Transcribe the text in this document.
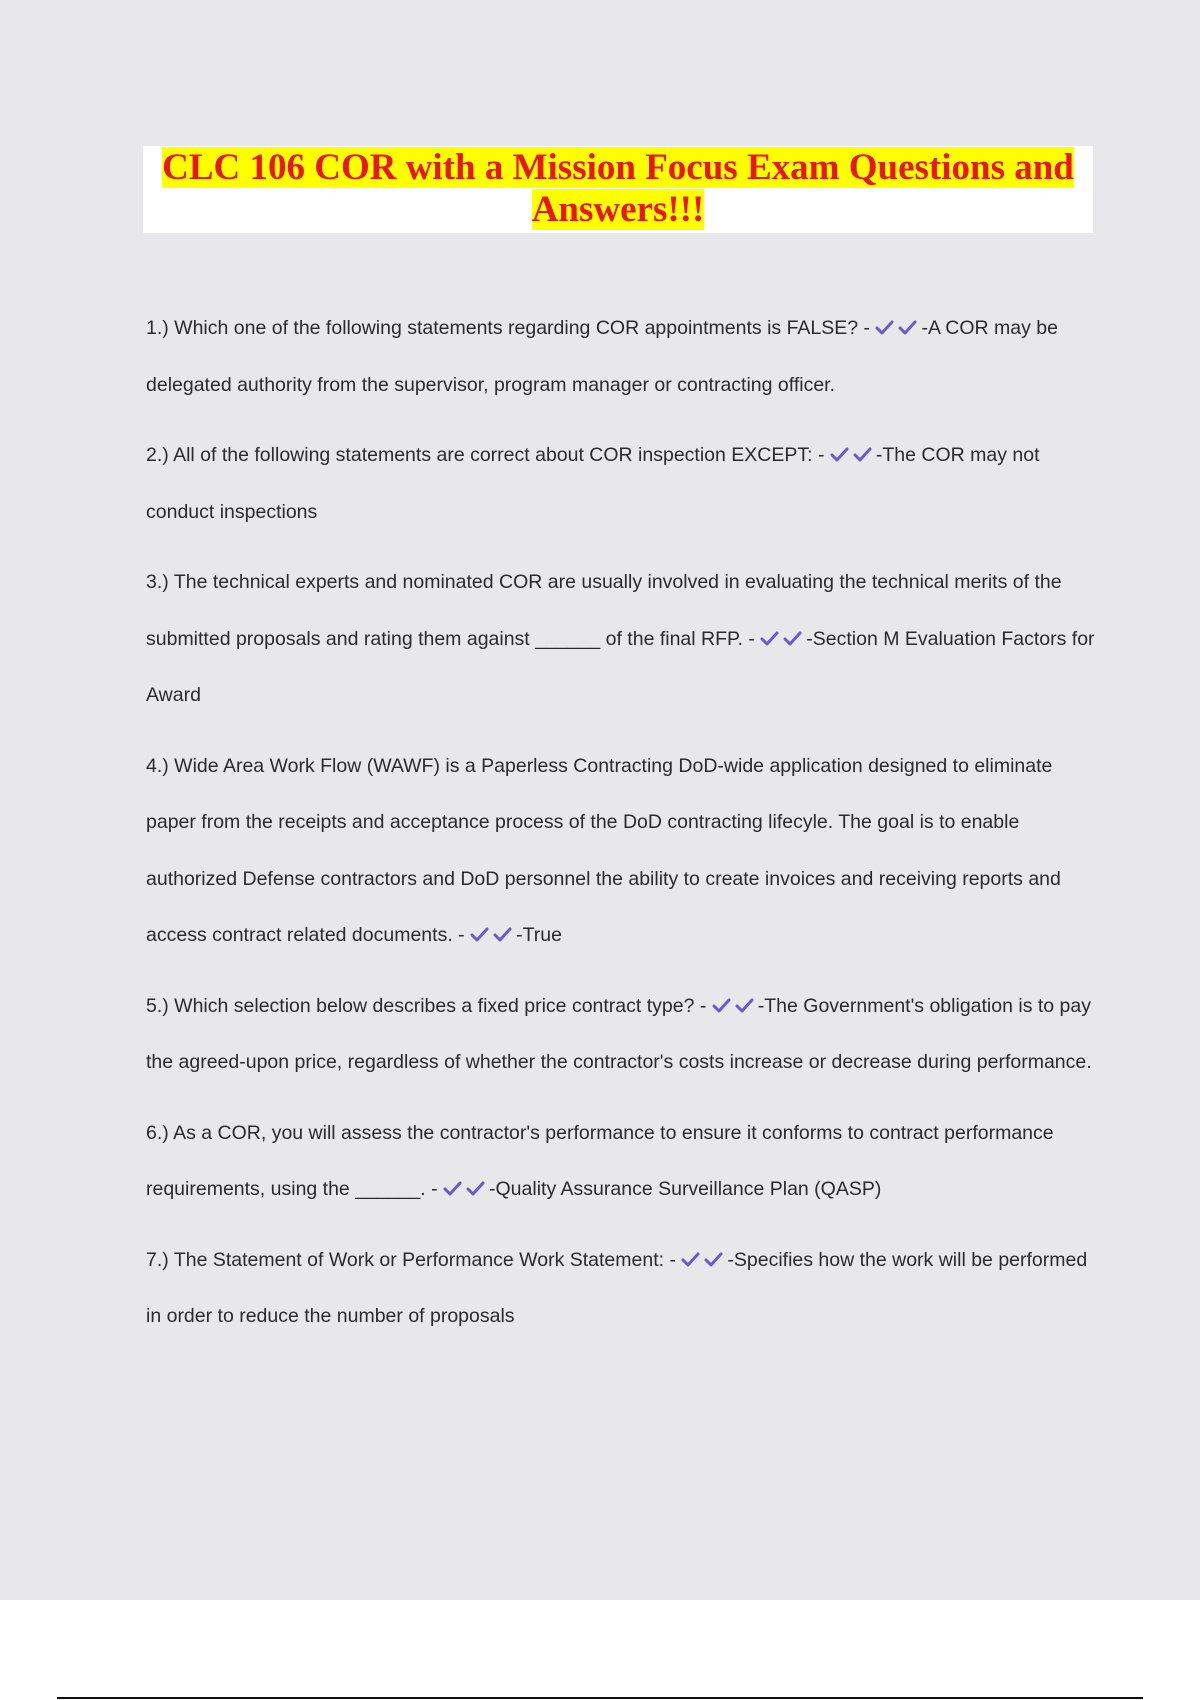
CLC 106 COR with a Mission Focus Exam Questions and Answers!!!

1.) Which one of the following statements regarding COR appointments is FALSE? -
-A COR may be delegated authority from the supervisor, program manager or contracting officer.

2.) All of the following statements are correct about COR inspection EXCEPT: -
-The COR may not conduct inspections

3.) The technical experts and nominated COR are usually involved in evaluating the technical merits of the submitted proposals and rating them against ______ of the final RFP. -
-Section M Evaluation Factors for Award

4.) Wide Area Work Flow (WAWF) is a Paperless Contracting DoD-wide application designed to eliminate paper from the receipts and acceptance process of the DoD contracting lifecyle. The goal is to enable authorized Defense contractors and DoD personnel the ability to create invoices and receiving reports and access contract related documents. -
-True

5.) Which selection below describes a fixed price contract type? -
-The Government's obligation is to pay the agreed-upon price, regardless of whether the contractor's costs increase or decrease during performance.

6.) As a COR, you will assess the contractor's performance to ensure it conforms to contract performance requirements, using the ______. -
-Quality Assurance Surveillance Plan (QASP)

7.) The Statement of Work or Performance Work Statement: -
-Specifies how the work will be performed in order to reduce the number of proposals
